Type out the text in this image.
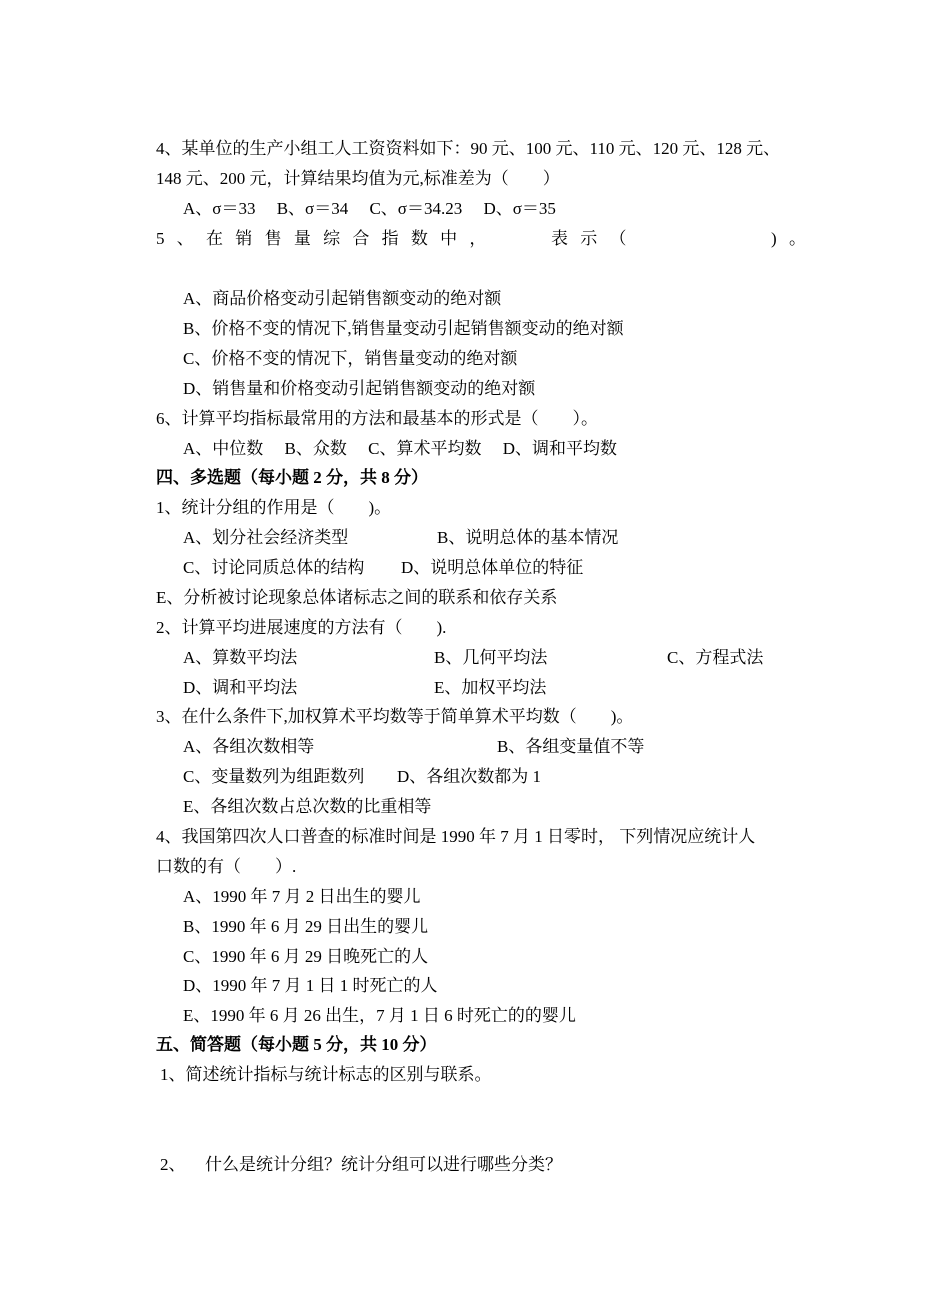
4、某单位的生产小组工人工资资料如下：90 元、100 元、110 元、120 元、128 元、
148 元、200 元，计算结果均值为元,标准差为（　　）
A、σ＝33　 B、σ＝34　 C、σ＝34.23　 D、σ＝35
5 、 在 销 售 量 综 合 指 数 中 ，	表 示 （	) 。
A、商品价格变动引起销售额变动的绝对额
B、价格不变的情况下,销售量变动引起销售额变动的绝对额
C、价格不变的情况下，销售量变动的绝对额
D、销售量和价格变动引起销售额变动的绝对额
6、计算平均指标最常用的方法和最基本的形式是（　　）。
A、中位数　 B、众数　 C、算术平均数　 D、调和平均数
四、多选题（每小题 2 分，共 8 分）
1、统计分组的作用是（　　)。
A、划分社会经济类型	B、说明总体的基本情况
C、讨论同质总体的结构 D、说明总体单位的特征
E、分析被讨论现象总体诸标志之间的联系和依存关系
2、计算平均进展速度的方法有（　　).
A、算数平均法	B、几何平均法	C、方程式法
D、调和平均法	E、加权平均法
3、在什么条件下,加权算术平均数等于简单算术平均数（　　)。
A、各组次数相等	B、各组变量值不等
C、变量数列为组距数列 D、各组次数都为 1
E、各组次数占总次数的比重相等
4、我国第四次人口普查的标准时间是 1990 年 7 月 1 日零时， 下列情况应统计人
口数的有（　　）.
A、1990 年 7 月 2 日出生的婴儿
B、1990 年 6 月 29 日出生的婴儿
C、1990 年 6 月 29 日晚死亡的人
D、1990 年 7 月 1 日 1 时死亡的人
E、1990 年 6 月 26 出生，7 月 1 日 6 时死亡的的婴儿
五、简答题（每小题 5 分，共 10 分）
1、简述统计指标与统计标志的区别与联系。
2、 什么是统计分组？统计分组可以进行哪些分类？
